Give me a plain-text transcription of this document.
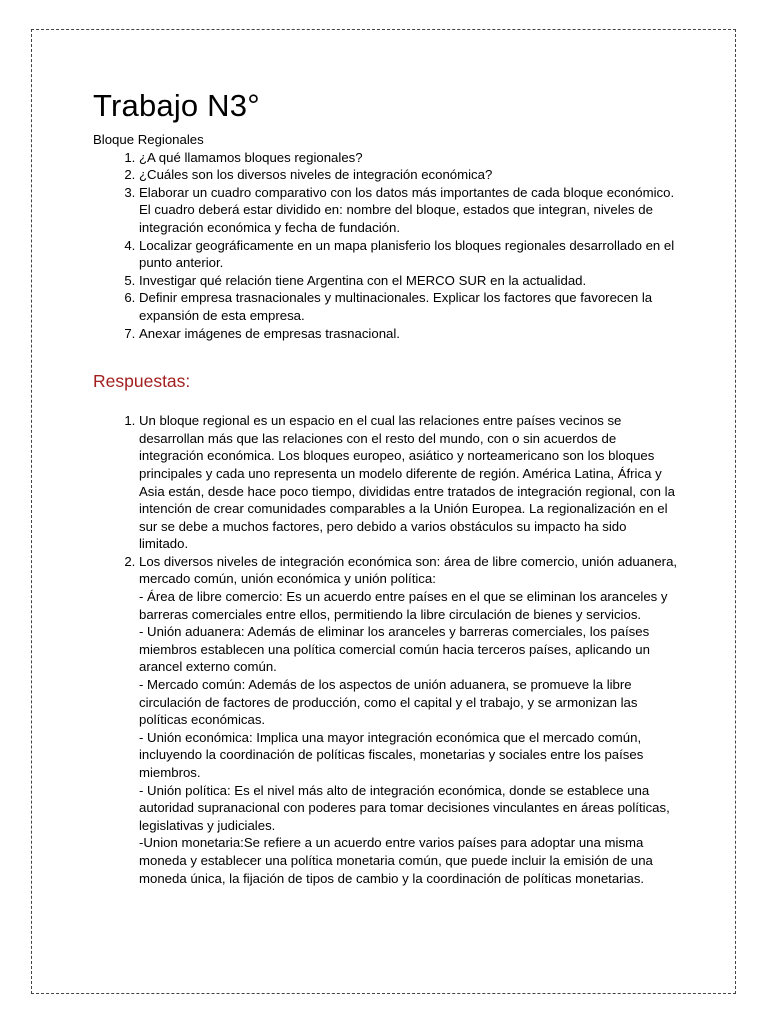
Trabajo N3°

Bloque Regionales

1. ¿A qué llamamos bloques regionales?
2. ¿Cuáles son los diversos niveles de integración económica?
3. Elaborar un cuadro comparativo con los datos más importantes de cada bloque económico. El cuadro deberá estar dividido en: nombre del bloque, estados que integran, niveles de integración económica y fecha de fundación.
4. Localizar geográficamente en un mapa planisferio los bloques regionales desarrollado en el punto anterior.
5. Investigar qué relación tiene Argentina con el MERCO SUR en la actualidad.
6. Definir empresa trasnacionales y multinacionales. Explicar los factores que favorecen la expansión de esta empresa.
7. Anexar imágenes de empresas trasnacional.
Respuestas:
1. Un bloque regional es un espacio en el cual las relaciones entre países vecinos se desarrollan más que las relaciones con el resto del mundo, con o sin acuerdos de integración económica. Los bloques europeo, asiático y norteamericano son los bloques principales y cada uno representa un modelo diferente de región. América Latina, África y Asia están, desde hace poco tiempo, divididas entre tratados de integración regional, con la intención de crear comunidades comparables a la Unión Europea. La regionalización en el sur se debe a muchos factores, pero debido a varios obstáculos su impacto ha sido limitado.
2. Los diversos niveles de integración económica son: área de libre comercio, unión aduanera, mercado común, unión económica y unión política:
- Área de libre comercio: Es un acuerdo entre países en el que se eliminan los aranceles y barreras comerciales entre ellos, permitiendo la libre circulación de bienes y servicios.
- Unión aduanera: Además de eliminar los aranceles y barreras comerciales, los países miembros establecen una política comercial común hacia terceros países, aplicando un arancel externo común.
- Mercado común: Además de los aspectos de unión aduanera, se promueve la libre circulación de factores de producción, como el capital y el trabajo, y se armonizan las políticas económicas.
- Unión económica: Implica una mayor integración económica que el mercado común, incluyendo la coordinación de políticas fiscales, monetarias y sociales entre los países miembros.
- Unión política: Es el nivel más alto de integración económica, donde se establece una autoridad supranacional con poderes para tomar decisiones vinculantes en áreas políticas, legislativas y judiciales.
-Union monetaria:Se refiere a un acuerdo entre varios países para adoptar una misma moneda y establecer una política monetaria común, que puede incluir la emisión de una moneda única, la fijación de tipos de cambio y la coordinación de políticas monetarias.
